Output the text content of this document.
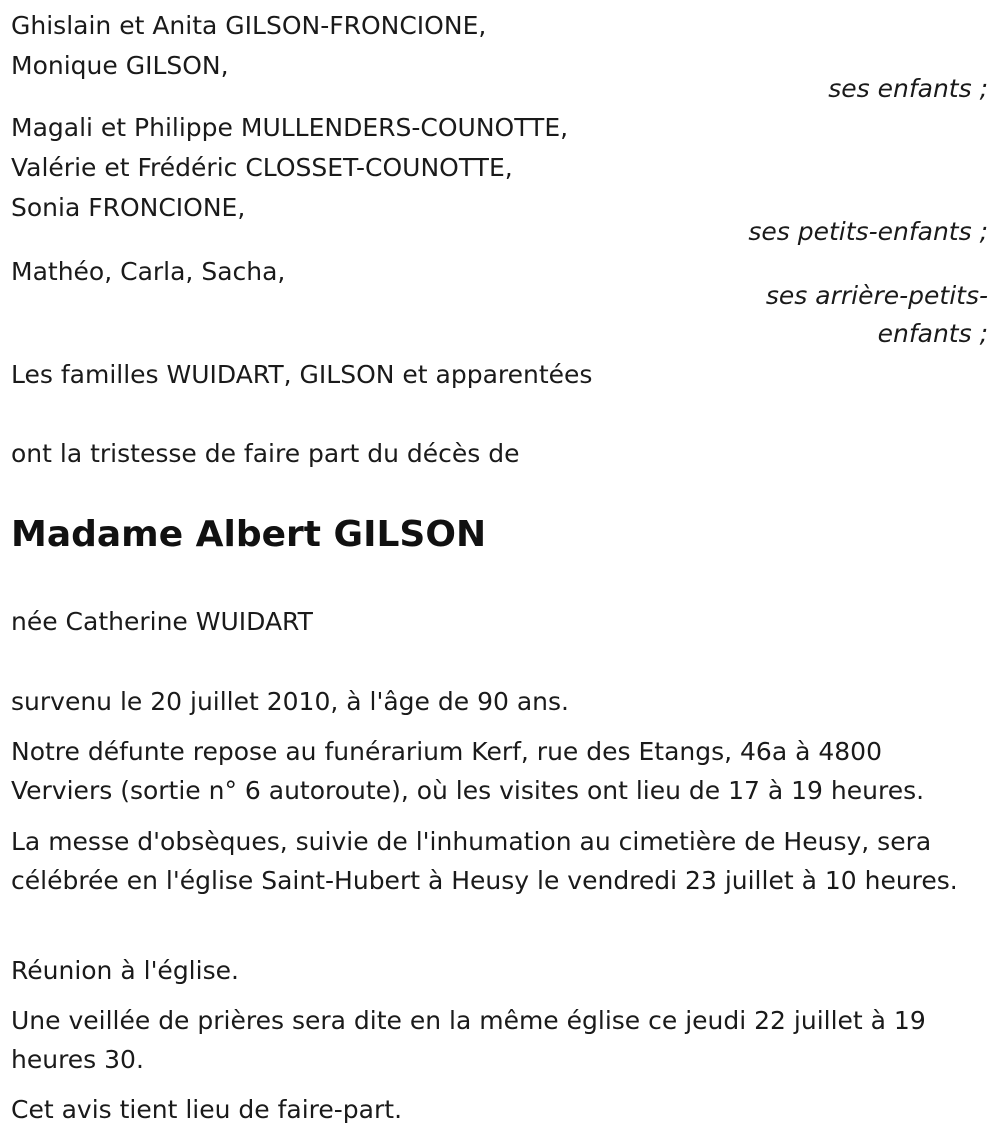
Ghislain et Anita GILSON-FRONCIONE,
Monique GILSON,
ses enfants ;
Magali et Philippe MULLENDERS-COUNOTTE,
Valérie et Frédéric CLOSSET-COUNOTTE,
Sonia FRONCIONE,
ses petits-enfants ;
Mathéo, Carla, Sacha,
ses arrière-petits-
enfants ;
Les familles WUIDART, GILSON et apparentées
ont la tristesse de faire part du décès de
Madame Albert GILSON
née Catherine WUIDART
survenu le 20 juillet 2010, à l'âge de 90 ans.
Notre défunte repose au funérarium Kerf, rue des Etangs, 46a à 4800 Verviers (sortie n° 6 autoroute), où les visites ont lieu de 17 à 19 heures.
La messe d'obsèques, suivie de l'inhumation au cimetière de Heusy, sera célébrée en l'église Saint-Hubert à Heusy le vendredi 23 juillet à 10 heures.
Réunion à l'église.
Une veillée de prières sera dite en la même église ce jeudi 22 juillet à 19 heures 30.
Cet avis tient lieu de faire-part.
